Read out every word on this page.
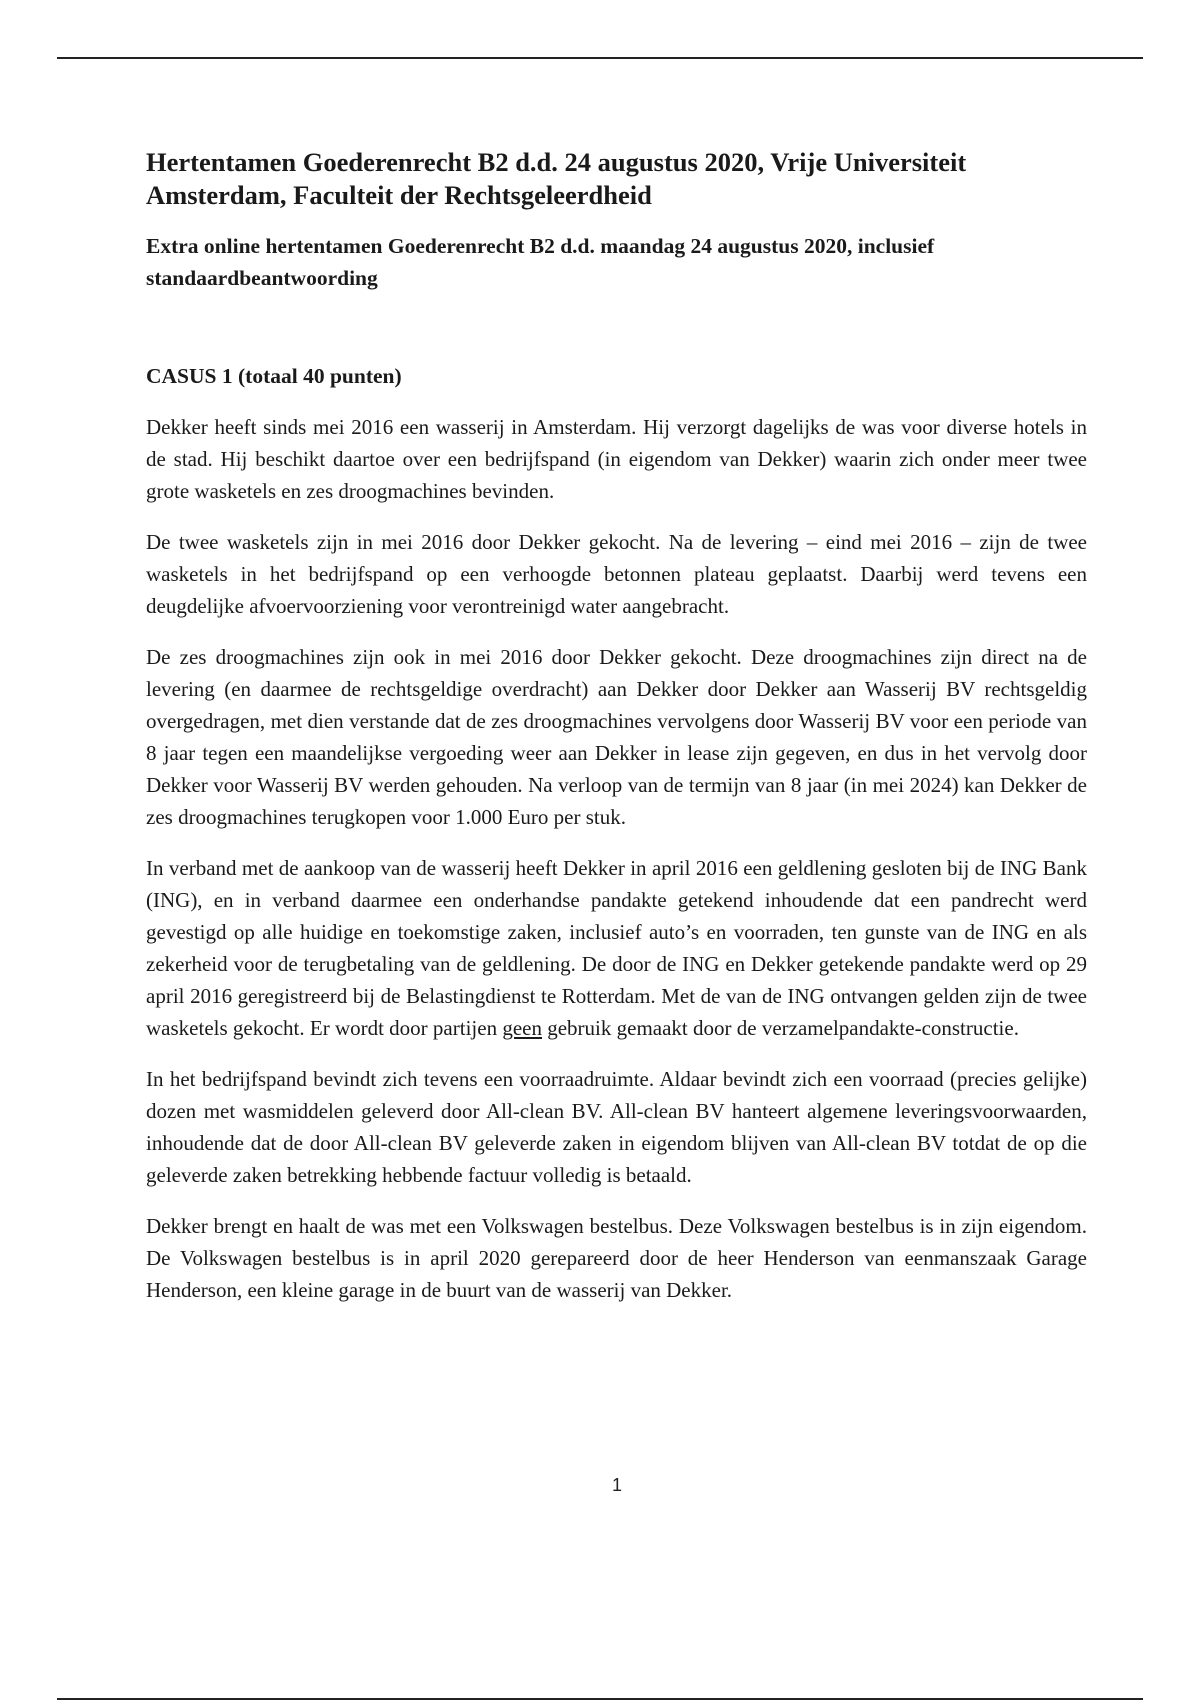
Hertentamen Goederenrecht B2 d.d. 24 augustus 2020, Vrije Universiteit Amsterdam, Faculteit der Rechtsgeleerdheid
Extra online hertentamen Goederenrecht B2 d.d. maandag 24 augustus 2020, inclusief standaardbeantwoording
CASUS 1 (totaal 40 punten)

Dekker heeft sinds mei 2016 een wasserij in Amsterdam. Hij verzorgt dagelijks de was voor diverse hotels in de stad. Hij beschikt daartoe over een bedrijfspand (in eigendom van Dekker) waarin zich onder meer twee grote wasketels en zes droogmachines bevinden.

De twee wasketels zijn in mei 2016 door Dekker gekocht. Na de levering – eind mei 2016 – zijn de twee wasketels in het bedrijfspand op een verhoogde betonnen plateau geplaatst. Daarbij werd tevens een deugdelijke afvoervoorziening voor verontreinigd water aangebracht.

De zes droogmachines zijn ook in mei 2016 door Dekker gekocht. Deze droogmachines zijn direct na de levering (en daarmee de rechtsgeldige overdracht) aan Dekker door Dekker aan Wasserij BV rechtsgeldig overgedragen, met dien verstande dat de zes droogmachines vervolgens door Wasserij BV voor een periode van 8 jaar tegen een maandelijkse vergoeding weer aan Dekker in lease zijn gegeven, en dus in het vervolg door Dekker voor Wasserij BV werden gehouden. Na verloop van de termijn van 8 jaar (in mei 2024) kan Dekker de zes droogmachines terugkopen voor 1.000 Euro per stuk.

In verband met de aankoop van de wasserij heeft Dekker in april 2016 een geldlening gesloten bij de ING Bank (ING), en in verband daarmee een onderhandse pandakte getekend inhoudende dat een pandrecht werd gevestigd op alle huidige en toekomstige zaken, inclusief auto’s en voorraden, ten gunste van de ING en als zekerheid voor de terugbetaling van de geldlening. De door de ING en Dekker getekende pandakte werd op 29 april 2016 geregistreerd bij de Belastingdienst te Rotterdam. Met de van de ING ontvangen gelden zijn de twee wasketels gekocht. Er wordt door partijen geen gebruik gemaakt door de verzamelpandakte-constructie.

In het bedrijfspand bevindt zich tevens een voorraadruimte. Aldaar bevindt zich een voorraad (precies gelijke) dozen met wasmiddelen geleverd door All-clean BV. All-clean BV hanteert algemene leveringsvoorwaarden, inhoudende dat de door All-clean BV geleverde zaken in eigendom blijven van All-clean BV totdat de op die geleverde zaken betrekking hebbende factuur volledig is betaald.

Dekker brengt en haalt de was met een Volkswagen bestelbus. Deze Volkswagen bestelbus is in zijn eigendom. De Volkswagen bestelbus is in april 2020 gerepareerd door de heer Henderson van eenmanszaak Garage Henderson, een kleine garage in de buurt van de wasserij van Dekker.

1
